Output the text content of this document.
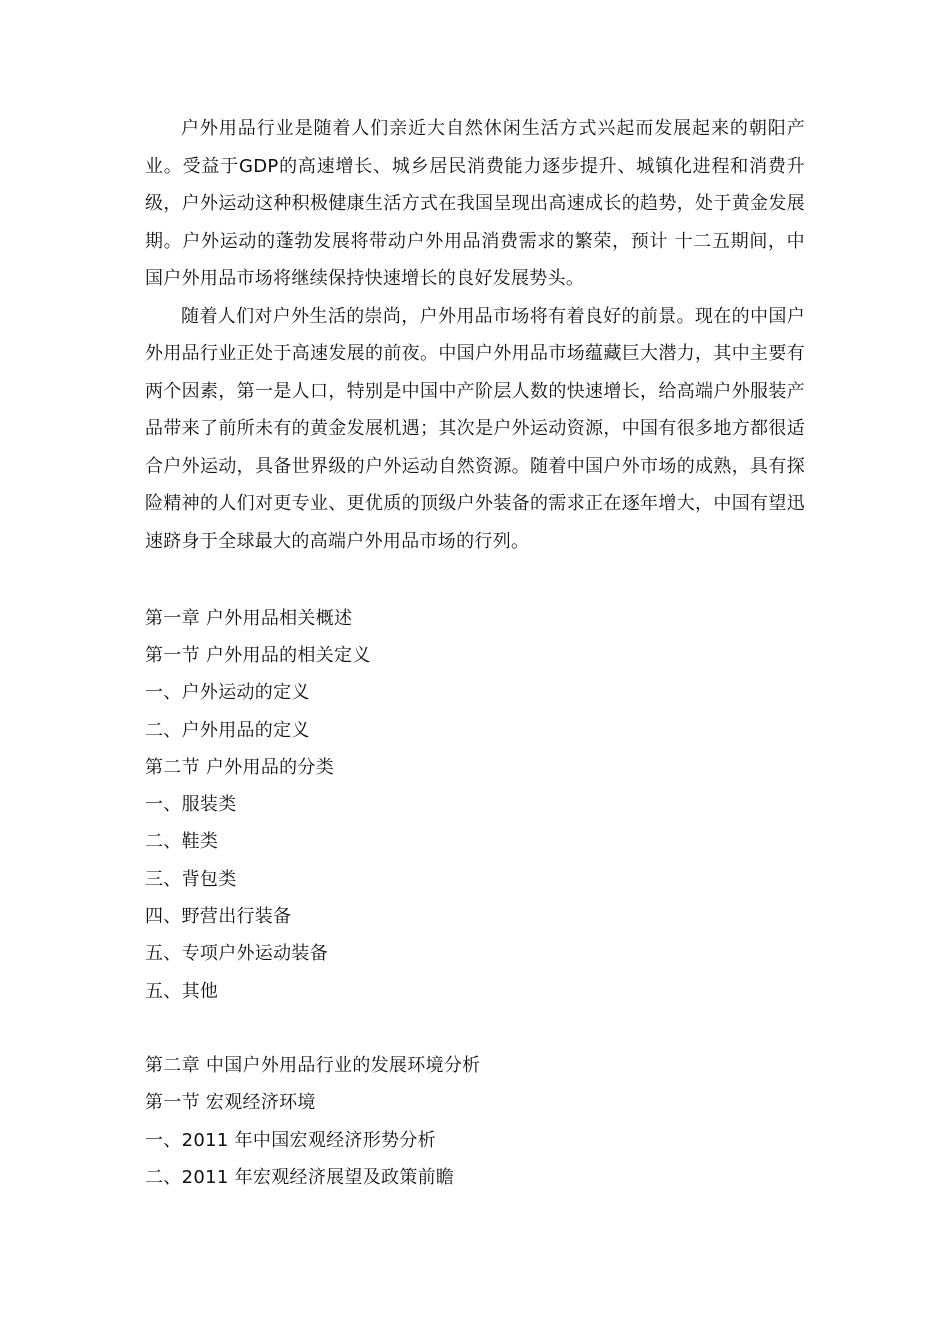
户外用品行业是随着人们亲近大自然休闲生活方式兴起而发展起来的朝阳产业。受益于GDP的高速增长、城乡居民消费能力逐步提升、城镇化进程和消费升级，户外运动这种积极健康生活方式在我国呈现出高速成长的趋势，处于黄金发展期。户外运动的蓬勃发展将带动户外用品消费需求的繁荣，预计 十二五期间，中国户外用品市场将继续保持快速增长的良好发展势头。

随着人们对户外生活的崇尚，户外用品市场将有着良好的前景。现在的中国户外用品行业正处于高速发展的前夜。中国户外用品市场蕴藏巨大潜力，其中主要有两个因素，第一是人口，特别是中国中产阶层人数的快速增长，给高端户外服装产品带来了前所未有的黄金发展机遇；其次是户外运动资源，中国有很多地方都很适合户外运动，具备世界级的户外运动自然资源。随着中国户外市场的成熟，具有探险精神的人们对更专业、更优质的顶级户外装备的需求正在逐年增大，中国有望迅速跻身于全球最大的高端户外用品市场的行列。

第一章 户外用品相关概述
第一节 户外用品的相关定义
一、户外运动的定义
二、户外用品的定义
第二节 户外用品的分类
一、服装类
二、鞋类
三、背包类
四、野营出行装备
五、专项户外运动装备
五、其他
第二章 中国户外用品行业的发展环境分析
第一节 宏观经济环境
一、2011 年中国宏观经济形势分析
二、2011 年宏观经济展望及政策前瞻
